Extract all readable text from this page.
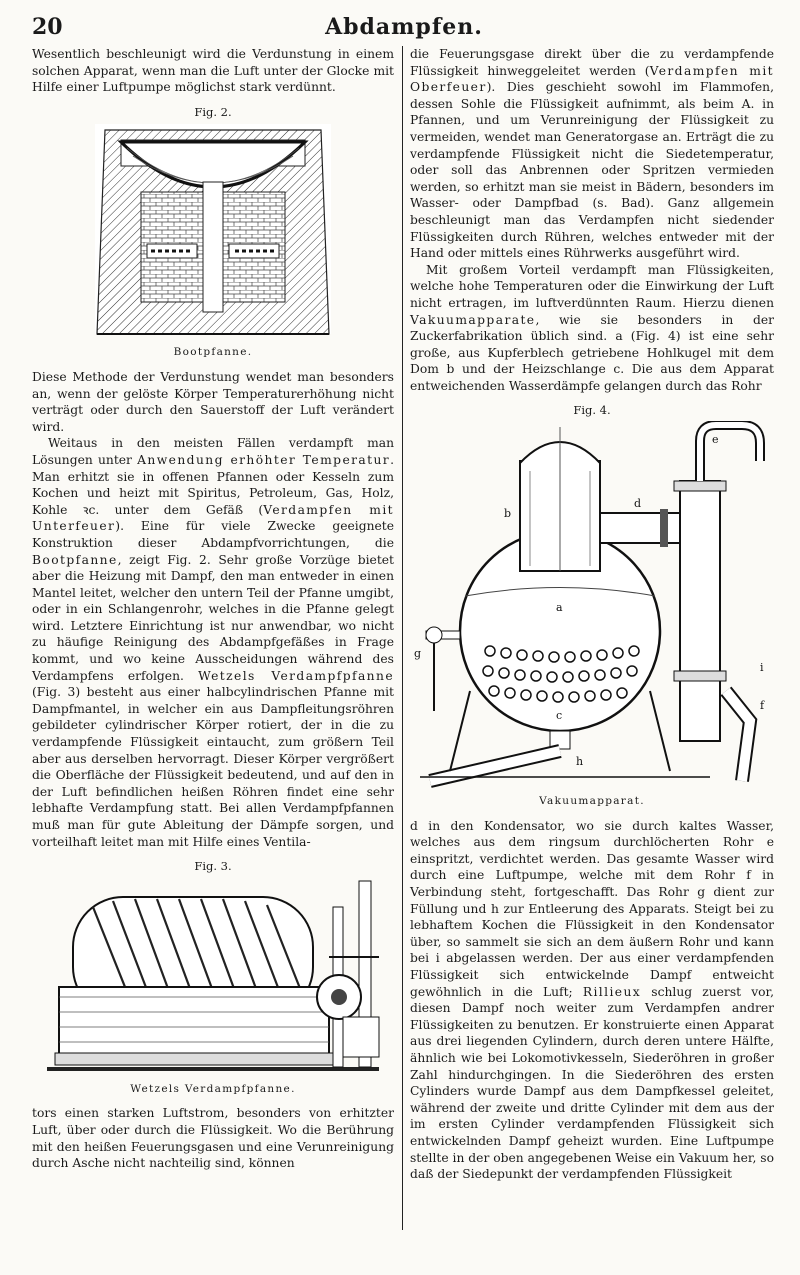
20	Abdampfen.

Wesentlich beschleunigt wird die Verdunstung in einem solchen Apparat, wenn man die Luft unter der Glocke mit Hilfe einer Luftpumpe möglichst stark verdünnt.

Fig. 2.
Bootpfanne.

Diese Methode der Verdunstung wendet man besonders an, wenn der gelöste Körper Temperaturerhöhung nicht verträgt oder durch den Sauerstoff der Luft verändert wird.

Weitaus in den meisten Fällen verdampft man Lösungen unter Anwendung erhöhter Temperatur. Man erhitzt sie in offenen Pfannen oder Kesseln zum Kochen und heizt mit Spiritus, Petroleum, Gas, Holz, Kohle ꝛc. unter dem Gefäß (Verdampfen mit Unterfeuer). Eine für viele Zwecke geeignete Konstruktion dieser Abdampfvorrichtungen, die Bootpfanne, zeigt Fig. 2. Sehr große Vorzüge bietet aber die Heizung mit Dampf, den man entweder in einen Mantel leitet, welcher den untern Teil der Pfanne umgibt, oder in ein Schlangenrohr, welches in die Pfanne gelegt wird. Letztere Einrichtung ist nur anwendbar, wo nicht zu häufige Reinigung des Abdampfgefäßes in Frage kommt, und wo keine Ausscheidungen während des Verdampfens erfolgen. Wetzels Verdampfpfanne (Fig. 3) besteht aus einer halbcylindrischen Pfanne mit Dampfmantel, in welcher ein aus Dampfleitungsröhren gebildeter cylindrischer Körper rotiert, der in die zu verdampfende Flüssigkeit eintaucht, zum größern Teil aber aus derselben hervorragt. Dieser Körper vergrößert die Oberfläche der Flüssigkeit bedeutend, und auf den in der Luft befindlichen heißen Röhren findet eine sehr lebhafte Verdampfung statt. Bei allen Verdampfpfannen muß man für gute Ableitung der Dämpfe sorgen, und vorteilhaft leitet man mit Hilfe eines Ventila-

Fig. 3.
Wetzels Verdampfpfanne.

tors einen starken Luftstrom, besonders von erhitzter Luft, über oder durch die Flüssigkeit. Wo die Berührung mit den heißen Feuerungsgasen und eine Verunreinigung durch Asche nicht nachteilig sind, können

die Feuerungsgase direkt über die zu verdampfende Flüssigkeit hinweggeleitet werden (Verdampfen mit Oberfeuer). Dies geschieht sowohl im Flammofen, dessen Sohle die Flüssigkeit aufnimmt, als beim A. in Pfannen, und um Verunreinigung der Flüssigkeit zu vermeiden, wendet man Generatorgase an. Erträgt die zu verdampfende Flüssigkeit nicht die Siedetemperatur, oder soll das Anbrennen oder Spritzen vermieden werden, so erhitzt man sie meist in Bädern, besonders im Wasser- oder Dampfbad (s. Bad). Ganz allgemein beschleunigt man das Verdampfen nicht siedender Flüssigkeiten durch Rühren, welches entweder mit der Hand oder mittels eines Rührwerks ausgeführt wird.

Mit großem Vorteil verdampft man Flüssigkeiten, welche hohe Temperaturen oder die Einwirkung der Luft nicht ertragen, im luftverdünnten Raum. Hierzu dienen Vakuumapparate, wie sie besonders in der Zuckerfabrikation üblich sind. a (Fig. 4) ist eine sehr große, aus Kupferblech getriebene Hohlkugel mit dem Dom b und der Heizschlange c. Die aus dem Apparat entweichenden Wasserdämpfe gelangen durch das Rohr

Fig. 4.
a
b
c
d
e
f
g
h
i
Vakuumapparat.

d in den Kondensator, wo sie durch kaltes Wasser, welches aus dem ringsum durchlöcherten Rohr e einspritzt, verdichtet werden. Das gesamte Wasser wird durch eine Luftpumpe, welche mit dem Rohr f in Verbindung steht, fortgeschafft. Das Rohr g dient zur Füllung und h zur Entleerung des Apparats. Steigt bei zu lebhaftem Kochen die Flüssigkeit in den Kondensator über, so sammelt sie sich an dem äußern Rohr und kann bei i abgelassen werden. Der aus einer verdampfenden Flüssigkeit sich entwickelnde Dampf entweicht gewöhnlich in die Luft; Rillieux schlug zuerst vor, diesen Dampf noch weiter zum Verdampfen andrer Flüssigkeiten zu benutzen. Er konstruierte einen Apparat aus drei liegenden Cylindern, durch deren untere Hälfte, ähnlich wie bei Lokomotivkesseln, Siederöhren in großer Zahl hindurchgingen. In die Siederöhren des ersten Cylinders wurde Dampf aus dem Dampfkessel geleitet, während der zweite und dritte Cylinder mit dem aus der im ersten Cylinder verdampfenden Flüssigkeit sich entwickelnden Dampf geheizt wurden. Eine Luftpumpe stellte in der oben angegebenen Weise ein Vakuum her, so daß der Siedepunkt der verdampfenden Flüssigkeit
